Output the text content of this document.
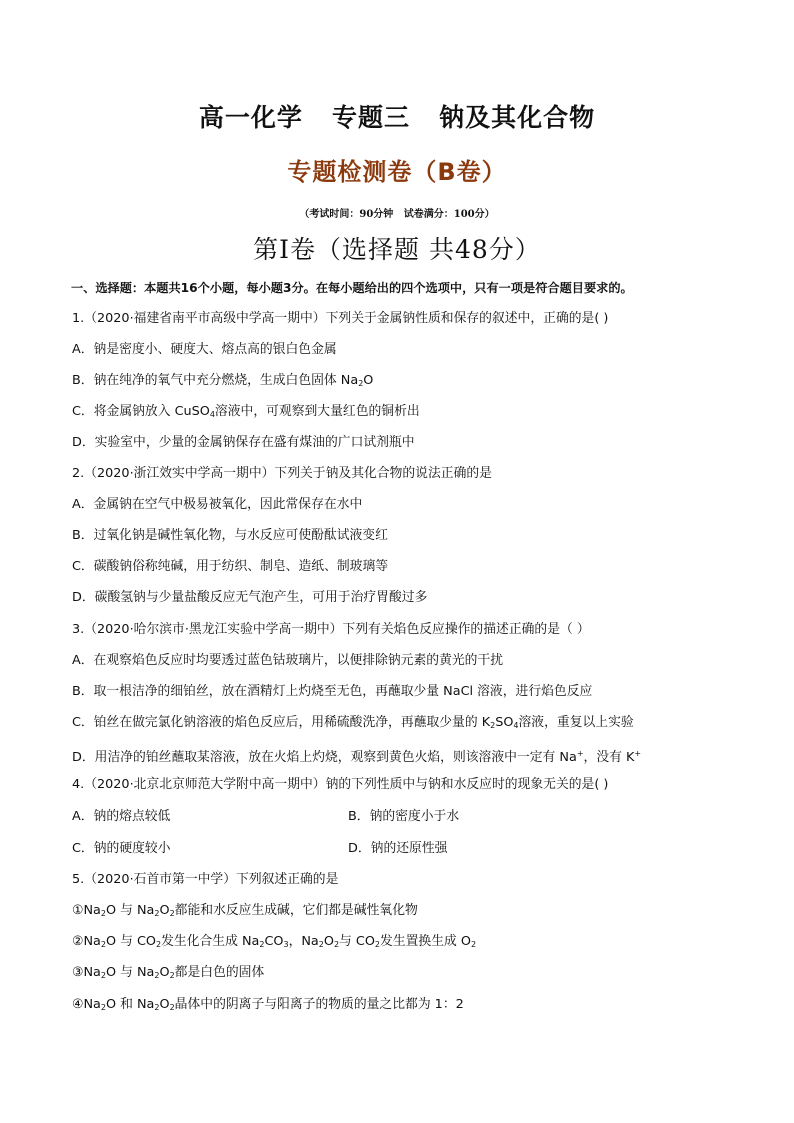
高一化学   专题三   钠及其化合物
专题检测卷（B卷）
（考试时间：90分钟   试卷满分：100分）
第Ⅰ卷（选择题 共48分）
一、选择题：本题共16个小题，每小题3分。在每小题给出的四个选项中，只有一项是符合题目要求的。
1.（2020·福建省南平市高级中学高一期中）下列关于金属钠性质和保存的叙述中，正确的是( )
A．钠是密度小、硬度大、熔点高的银白色金属
B．钠在纯净的氧气中充分燃烧，生成白色固体 $Na_2O$
C．将金属钠放入 CuSO$_4$溶液中，可观察到大量红色的铜析出
D．实验室中，少量的金属钠保存在盛有煤油的广口试剂瓶中
2.（2020·浙江效实中学高一期中）下列关于钠及其化合物的说法正确的是
A．金属钠在空气中极易被氧化，因此常保存在水中
B．过氧化钠是碱性氧化物，与水反应可使酚酞试液变红
C．碳酸钠俗称纯碱，用于纺织、制皂、造纸、制玻璃等
D．碳酸氢钠与少量盐酸反应无气泡产生，可用于治疗胃酸过多
3.（2020·哈尔滨市·黑龙江实验中学高一期中）下列有关焰色反应操作的描述正确的是（ ）
A．在观察焰色反应时均要透过蓝色钴玻璃片，以便排除钠元素的黄光的干扰
B．取一根洁净的细铂丝，放在酒精灯上灼烧至无色，再蘸取少量 NaCl 溶液，进行焰色反应
C．铂丝在做完氯化钠溶液的焰色反应后，用稀硫酸洗净，再蘸取少量的 $K_2SO_4$溶液，重复以上实验
D．用洁净的铂丝蘸取某溶液，放在火焰上灼烧，观察到黄色火焰，则该溶液中一定有 Na+，没有 K+
4.（2020·北京北京师范大学附中高一期中）钠的下列性质中与钠和水反应时的现象无关的是( )
A．钠的熔点较低	B．钠的密度小于水
C．钠的硬度较小	D．钠的还原性强
5.（2020·石首市第一中学）下列叙述正确的是
$①Na_2O$ 与 $Na_2O_2$都能和水反应生成碱，它们都是碱性氧化物
$②Na_2O$ 与 $CO_2$发生化合生成 $Na_2CO_3$，$Na_2O_2$与 $CO_2$发生置换生成 $O_2$
$③Na_2O$ 与 $Na_2O_2$都是白色的固体
$④Na_2O$ 和 $Na_2O_2$晶体中的阴离子与阳离子的物质的量之比都为 1：2
